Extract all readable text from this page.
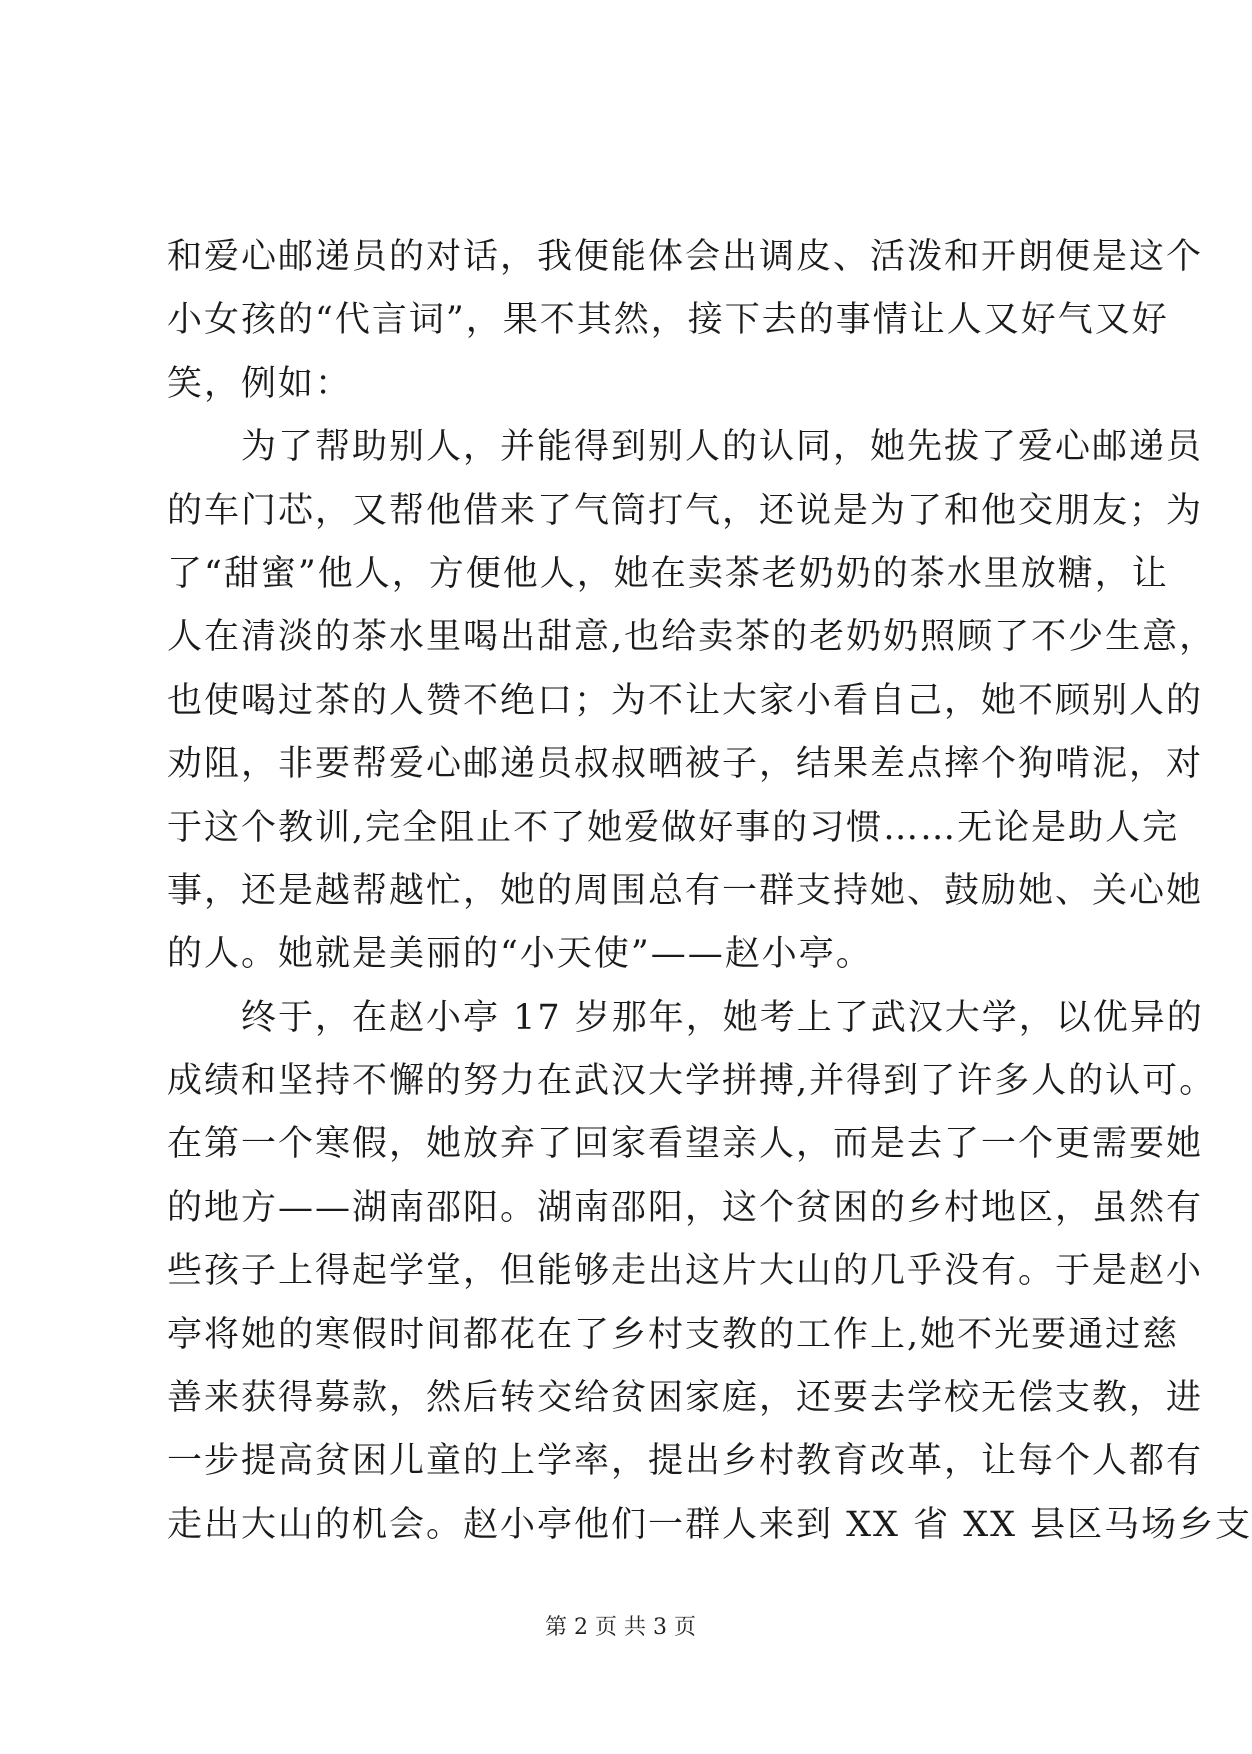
和爱心邮递员的对话，我便能体会出调皮、活泼和开朗便是这个
小女孩的“代言词”，果不其然，接下去的事情让人又好气又好
笑，例如：
　　为了帮助别人，并能得到别人的认同，她先拔了爱心邮递员
的车门芯，又帮他借来了气筒打气，还说是为了和他交朋友；为
了“甜蜜”他人，方便他人，她在卖茶老奶奶的茶水里放糖，让
人在清淡的茶水里喝出甜意,也给卖茶的老奶奶照顾了不少生意，
也使喝过茶的人赞不绝口；为不让大家小看自己，她不顾别人的
劝阻，非要帮爱心邮递员叔叔晒被子，结果差点摔个狗啃泥，对
于这个教训,完全阻止不了她爱做好事的习惯……无论是助人完
事，还是越帮越忙，她的周围总有一群支持她、鼓励她、关心她
的人。她就是美丽的“小天使”——赵小亭。
　　终于，在赵小亭 17 岁那年，她考上了武汉大学，以优异的
成绩和坚持不懈的努力在武汉大学拼搏,并得到了许多人的认可。
在第一个寒假，她放弃了回家看望亲人，而是去了一个更需要她
的地方——湖南邵阳。湖南邵阳，这个贫困的乡村地区，虽然有
些孩子上得起学堂，但能够走出这片大山的几乎没有。于是赵小
亭将她的寒假时间都花在了乡村支教的工作上,她不光要通过慈
善来获得募款，然后转交给贫困家庭，还要去学校无偿支教，进
一步提高贫困儿童的上学率，提出乡村教育改革，让每个人都有
走出大山的机会。赵小亭他们一群人来到 XX 省 XX 县区马场乡支
第 2 页 共 3 页
